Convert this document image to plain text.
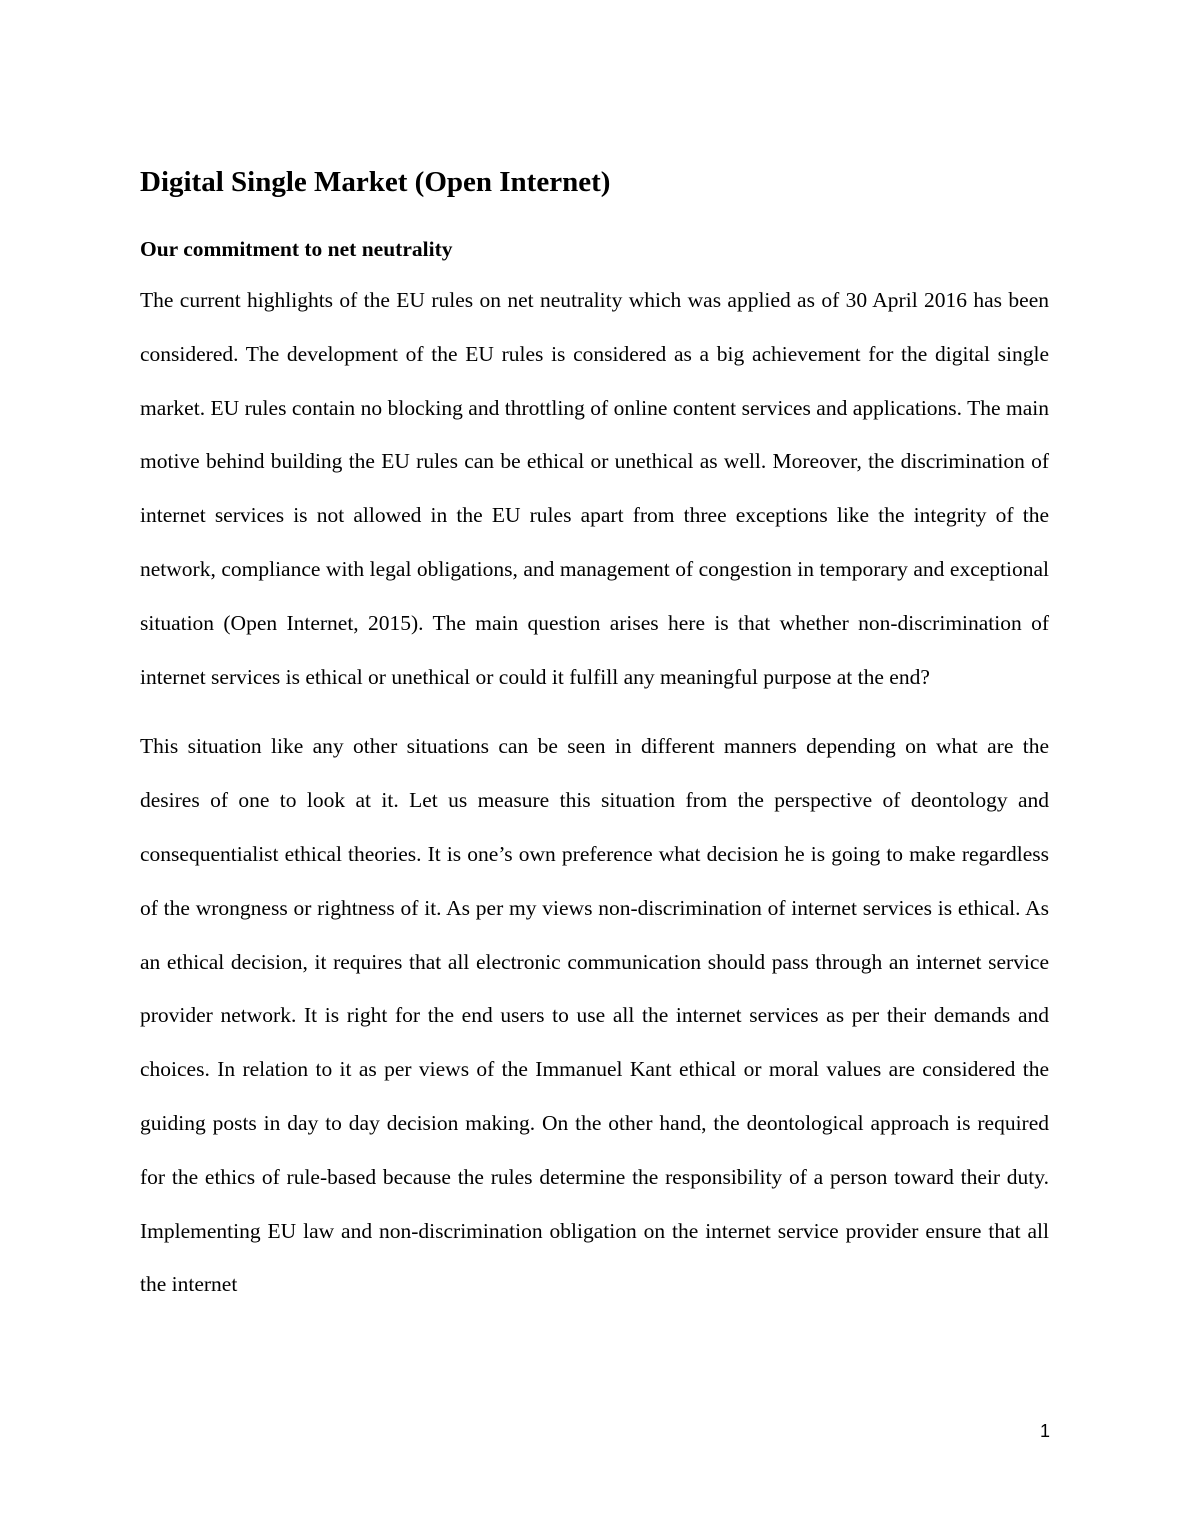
Digital Single Market (Open Internet)
Our commitment to net neutrality

The current highlights of the EU rules on net neutrality which was applied as of 30 April 2016 has been considered. The development of the EU rules is considered as a big achievement for the digital single market. EU rules contain no blocking and throttling of online content services and applications. The main motive behind building the EU rules can be ethical or unethical as well. Moreover, the discrimination of internet services is not allowed in the EU rules apart from three exceptions like the integrity of the network, compliance with legal obligations, and management of congestion in temporary and exceptional situation (Open Internet, 2015). The main question arises here is that whether non-discrimination of internet services is ethical or unethical or could it fulfill any meaningful purpose at the end?

This situation like any other situations can be seen in different manners depending on what are the desires of one to look at it. Let us measure this situation from the perspective of deontology and consequentialist ethical theories. It is one’s own preference what decision he is going to make regardless of the wrongness or rightness of it. As per my views non-discrimination of internet services is ethical. As an ethical decision, it requires that all electronic communication should pass through an internet service provider network. It is right for the end users to use all the internet services as per their demands and choices. In relation to it as per views of the Immanuel Kant ethical or moral values are considered the guiding posts in day to day decision making. On the other hand, the deontological approach is required for the ethics of rule-based because the rules determine the responsibility of a person toward their duty. Implementing EU law and non-discrimination obligation on the internet service provider ensure that all the internet

1
